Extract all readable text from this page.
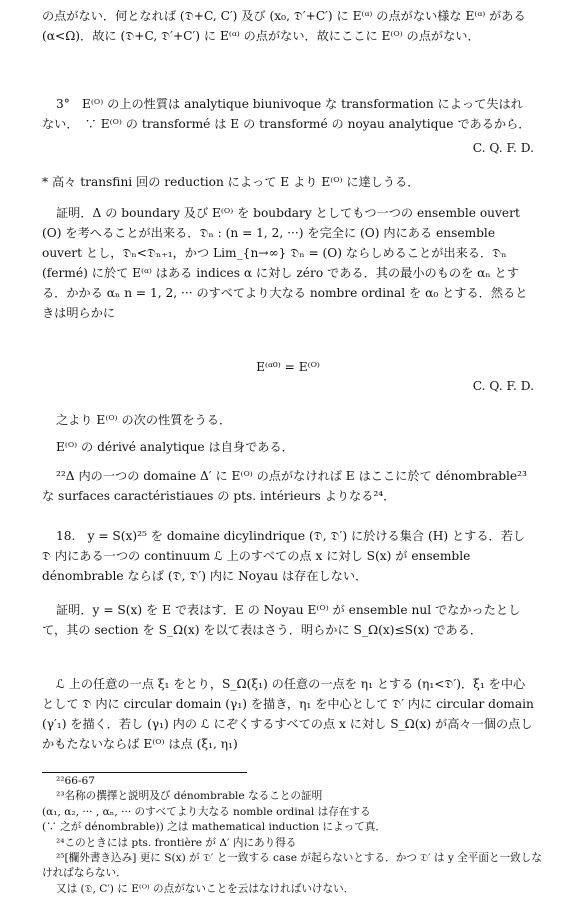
の点がない．何となれば (𝔇+C, C′) 及び (x₀, 𝔇′+C′) に E⁽ᵅ⁾ の点がない様な E⁽ᵅ⁾ がある (α<Ω)．故に (𝔇+C, 𝔇′+C′) に E⁽ᵅ⁾ の点がない．故にここに E⁽ᴼ⁾ の点がない．

3°　E⁽ᴼ⁾ の上の性質は analytique biunivoque な transformation によって失はれない．　∵ E⁽ᴼ⁾ の transformé は E の transformé の noyau analytique であるから．

C. Q. F. D.

* 高々 transfini 回の reduction によって E より E⁽ᴼ⁾ に達しうる．

証明．Δ の boundary 及び E⁽ᴼ⁾ を boubdary としてもつ一つの ensemble ouvert (O) を考へることが出来る．𝔇ₙ : (n = 1, 2, ···) を完全に (O) 内にある ensemble ouvert とし，𝔇ₙ<𝔇ₙ₊₁，かつ Lim_{n→∞} 𝔇ₙ = (O) ならしめることが出来る．𝔇ₙ (fermé) に於て E⁽ᵅ⁾ はある indices α に対し zéro である．其の最小のものを αₙ とする．かかる αₙ n = 1, 2, ··· のすべてより大なる nombre ordinal を α₀ とする．然るときは明らかに

E⁽ᵅ⁰⁾ = E⁽ᴼ⁾

C. Q. F. D.

之より E⁽ᴼ⁾ の次の性質をうる．

E⁽ᴼ⁾ の dérivé analytique は自身である．

²²Δ 内の一つの domaine Δ′ に E⁽ᴼ⁾ の点がなければ E はここに於て dénombrable²³ な surfaces caractéristiaues の pts. intérieurs よりなる²⁴．

18.　y = S(x)²⁵ を domaine dicylindrique (𝔇, 𝔇′) に於ける集合 (H) とする．若し 𝔇 内にある一つの continuum ℒ 上のすべての点 x に対し S(x) が ensemble dénombrable ならば (𝔇, 𝔇′) 内に Noyau は存在しない．

証明．y = S(x) を E で表はす．E の Noyau E⁽ᴼ⁾ が ensemble nul でなかったとして，其の section を S_Ω(x) を以て表はさう．明らかに S_Ω(x)≤S(x) である．

ℒ 上の任意の一点 ξ₁ をとり，S_Ω(ξ₁) の任意の一点を η₁ とする (η₁<𝔇′)．ξ₁ を中心として 𝔇 内に circular domain (γ₁) を描き，η₁ を中心として 𝔇′ 内に circular domain (γ′₁) を描く．若し (γ₁) 内の ℒ にぞくするすべての点 x に対し S_Ω(x) が高々一個の点しかもたないならば E⁽ᴼ⁾ は点 (ξ₁, η₁)

²²66-67

²³名称の撰擇と説明及び dénombrable なることの証明

(α₁, α₂, ··· , αₙ, ··· のすべてより大なる nomble ordinal は存在する

(∵ 之が dénombrable)) 之は mathematical induction によって真．

²⁴このときには pts. frontière が Δ′ 内にあり得る

²⁵[欄外書き込み] 更に S(x) が 𝔇′ と一致する case が起らないとする．かつ 𝔇′ は y 全平面と一致しなければならない．

又は (𝔇, C′) に E⁽ᴼ⁾ の点がないことを云はなければいけない．
